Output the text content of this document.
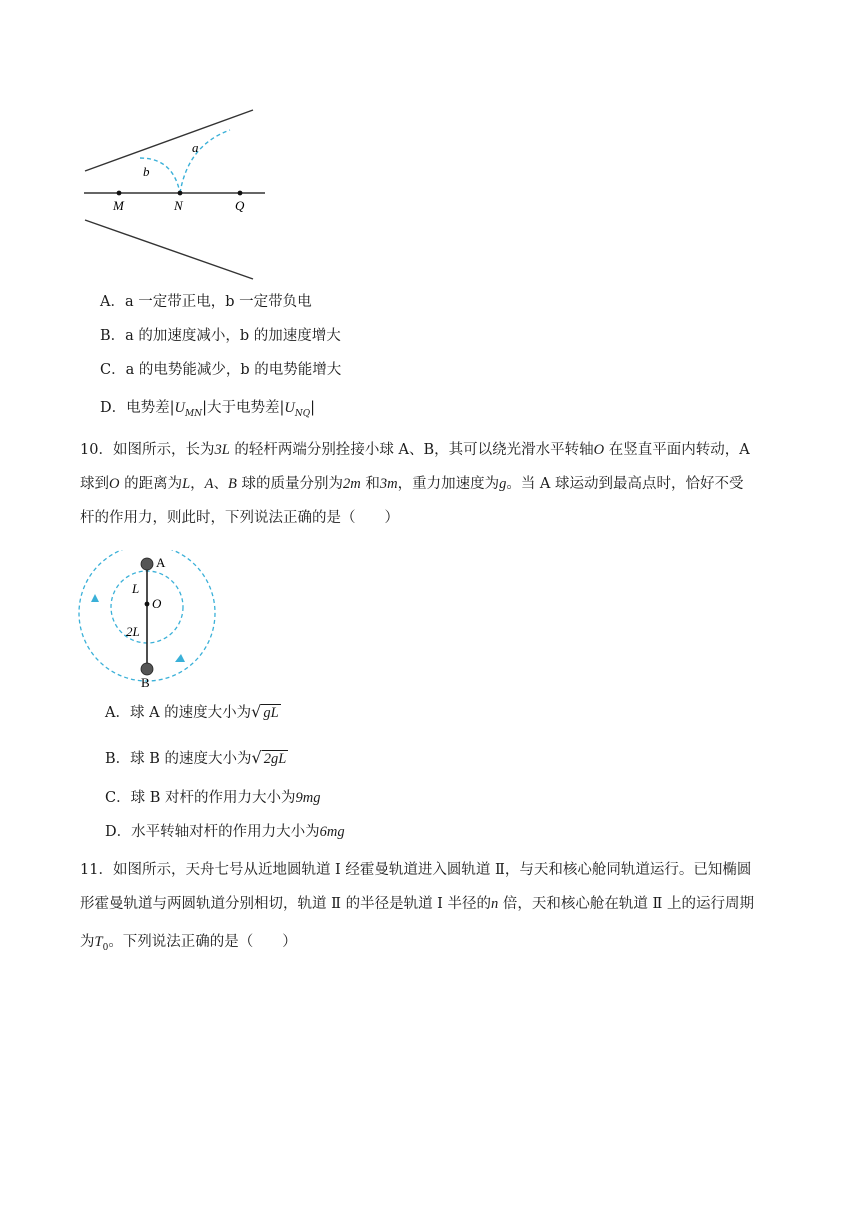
a
b
M	N	Q
A．a 一定带正电，b 一定带负电
B．a 的加速度减小，b 的加速度增大
C．a 的电势能减少，b 的电势能增大
D．电势差$|U_{MN}|$大于电势差$|U_{NQ}|$
10．如图所示，长为3L 的轻杆两端分别拴接小球 A、B，其可以绕光滑水平转轴O 在竖直平面内转动，A
球到O 的距离为L，A、B 球的质量分别为2m 和3m，重力加速度为g。当 A 球运动到最高点时，恰好不受
杆的作用力，则此时，下列说法正确的是（　　）
A
B
L
O
2L
A．球 A 的速度大小为√ gL
B．球 B 的速度大小为√ 2gL
C．球 B 对杆的作用力大小为9mg
D．水平转轴对杆的作用力大小为6mg
11．如图所示，天舟七号从近地圆轨道 Ⅰ 经霍曼轨道进入圆轨道 Ⅱ，与天和核心舱同轨道运行。已知椭圆
形霍曼轨道与两圆轨道分别相切，轨道 Ⅱ 的半径是轨道 Ⅰ 半径的n 倍，天和核心舱在轨道 Ⅱ 上的运行周期
为$T_0$。下列说法正确的是（　　）
